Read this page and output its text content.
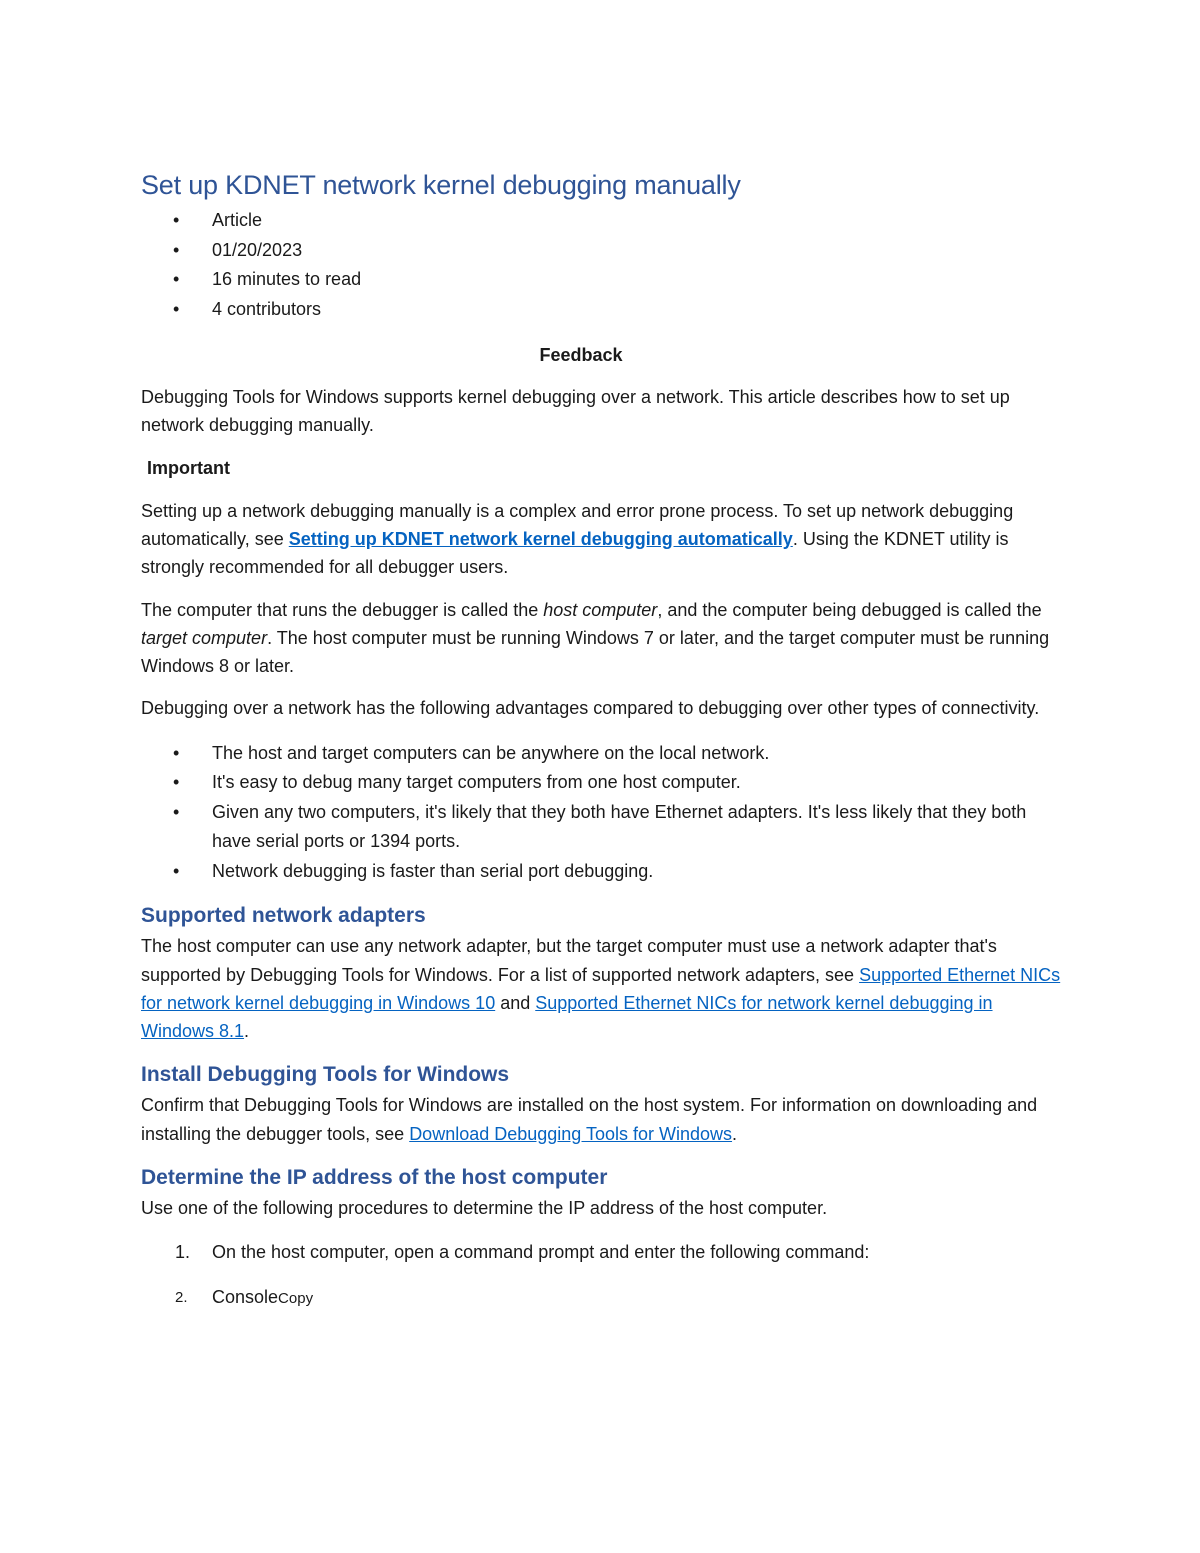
Set up KDNET network kernel debugging manually
• Article
• 01/20/2023
• 16 minutes to read
• 4 contributors
Feedback

Debugging Tools for Windows supports kernel debugging over a network. This article describes how to set up network debugging manually.

Important

Setting up a network debugging manually is a complex and error prone process. To set up network debugging automatically, see Setting up KDNET network kernel debugging automatically. Using the KDNET utility is strongly recommended for all debugger users.

The computer that runs the debugger is called the host computer, and the computer being debugged is called the target computer. The host computer must be running Windows 7 or later, and the target computer must be running Windows 8 or later.

Debugging over a network has the following advantages compared to debugging over other types of connectivity.

• The host and target computers can be anywhere on the local network.
• It's easy to debug many target computers from one host computer.
• Given any two computers, it's likely that they both have Ethernet adapters. It's less likely that they both have serial ports or 1394 ports.
• Network debugging is faster than serial port debugging.
Supported network adapters

The host computer can use any network adapter, but the target computer must use a network adapter that's supported by Debugging Tools for Windows. For a list of supported network adapters, see Supported Ethernet NICs for network kernel debugging in Windows 10 and Supported Ethernet NICs for network kernel debugging in Windows 8.1.

Install Debugging Tools for Windows

Confirm that Debugging Tools for Windows are installed on the host system. For information on downloading and installing the debugger tools, see Download Debugging Tools for Windows.

Determine the IP address of the host computer

Use one of the following procedures to determine the IP address of the host computer.

1. On the host computer, open a command prompt and enter the following command:
2. ConsoleCopy
